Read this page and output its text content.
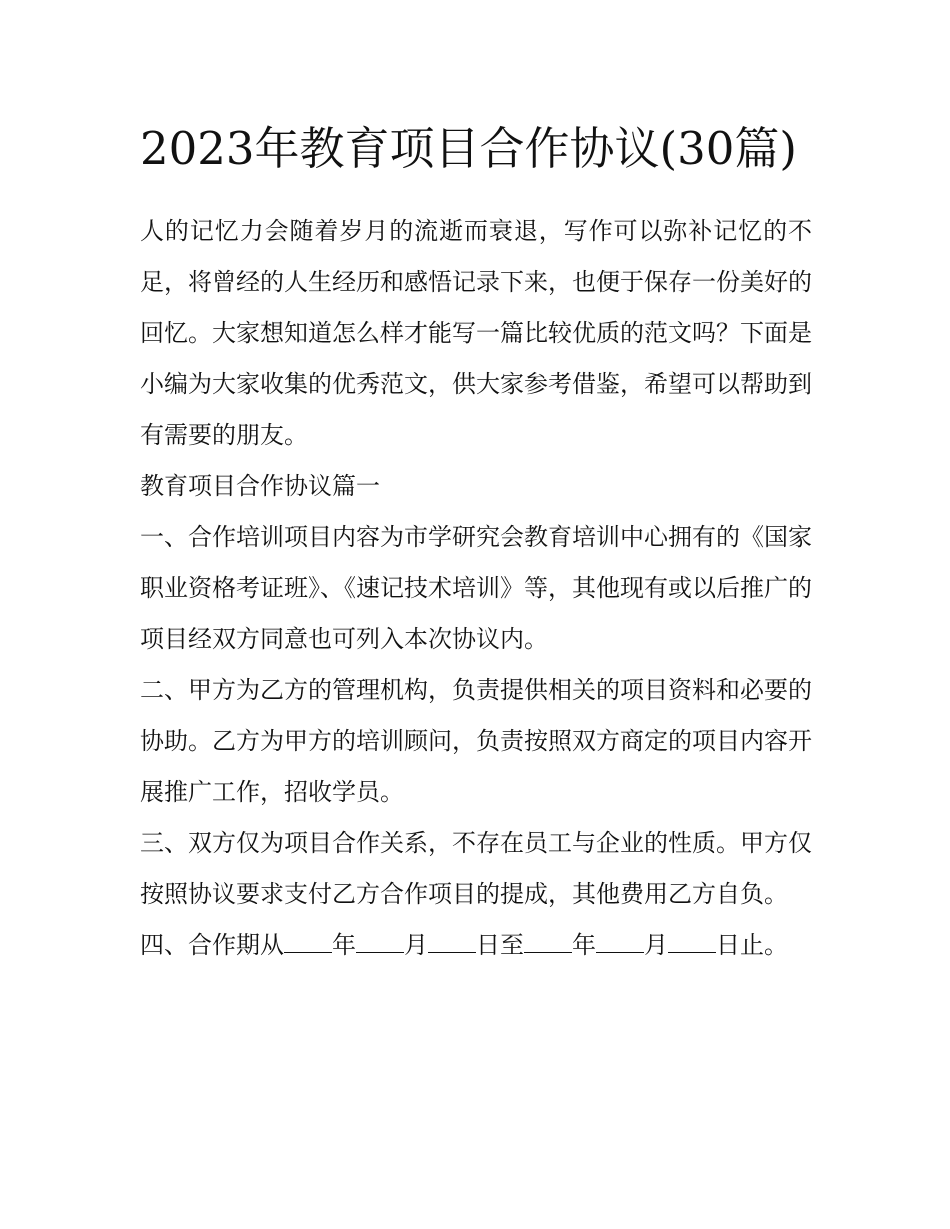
2023年教育项目合作协议(30篇)

人的记忆力会随着岁月的流逝而衰退，写作可以弥补记忆的不足，将曾经的人生经历和感悟记录下来，也便于保存一份美好的回忆。大家想知道怎么样才能写一篇比较优质的范文吗？下面是小编为大家收集的优秀范文，供大家参考借鉴，希望可以帮助到有需要的朋友。

教育项目合作协议篇一

一、合作培训项目内容为市学研究会教育培训中心拥有的《国家职业资格考证班》、《速记技术培训》等，其他现有或以后推广的项目经双方同意也可列入本次协议内。

二、甲方为乙方的管理机构，负责提供相关的项目资料和必要的协助。乙方为甲方的培训顾问，负责按照双方商定的项目内容开展推广工作，招收学员。

三、双方仅为项目合作关系，不存在员工与企业的性质。甲方仅按照协议要求支付乙方合作项目的提成，其他费用乙方自负。

四、合作期从 年 月 日至 年 月 日止。
